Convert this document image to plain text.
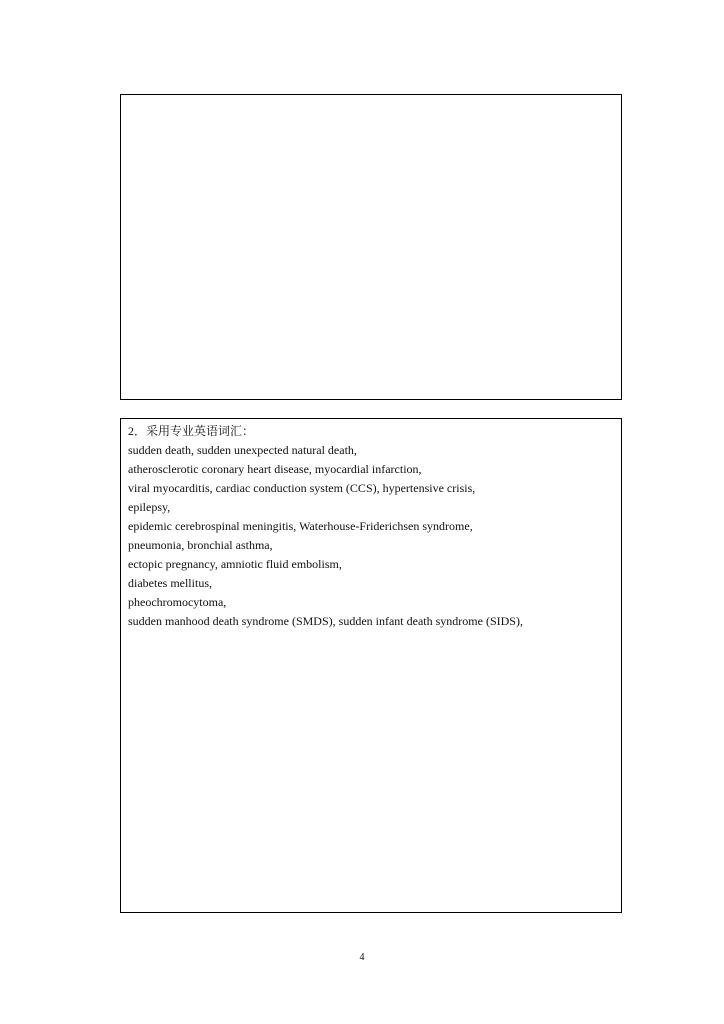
2．采用专业英语词汇：
sudden death, sudden unexpected natural death,
atherosclerotic coronary heart disease, myocardial infarction,
viral myocarditis, cardiac conduction system (CCS), hypertensive crisis,
epilepsy,
epidemic cerebrospinal meningitis, Waterhouse-Friderichsen syndrome,
pneumonia, bronchial asthma,
ectopic pregnancy, amniotic fluid embolism,
diabetes mellitus,
pheochromocytoma,
sudden manhood death syndrome (SMDS), sudden infant death syndrome (SIDS),
4
